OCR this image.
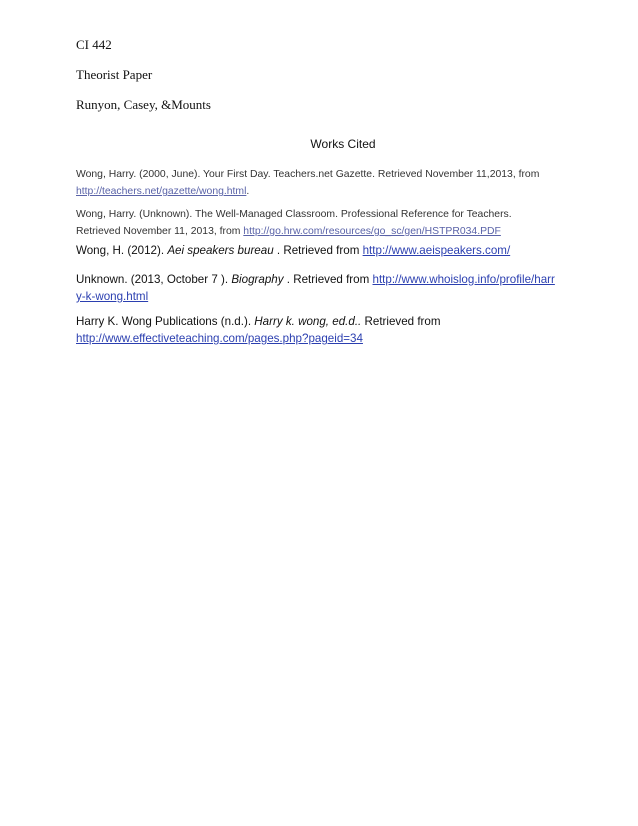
CI 442
Theorist Paper
Runyon, Casey, &Mounts
Works Cited
Wong, Harry. (2000, June). Your First Day. Teachers.net Gazette. Retrieved November 11,2013, from
http://teachers.net/gazette/wong.html.
Wong, Harry. (Unknown). The Well-Managed Classroom. Professional Reference for Teachers. Retrieved November 11, 2013, from http://go.hrw.com/resources/go_sc/gen/HSTPR034.PDF
Wong, H. (2012). Aei speakers bureau . Retrieved from http://www.aeispeakers.com/
Unknown. (2013, October 7 ). Biography . Retrieved from http://www.whoislog.info/profile/harry-k-wong.html
Harry K. Wong Publications (n.d.). Harry k. wong, ed.d.. Retrieved from
http://www.effectiveteaching.com/pages.php?pageid=34
